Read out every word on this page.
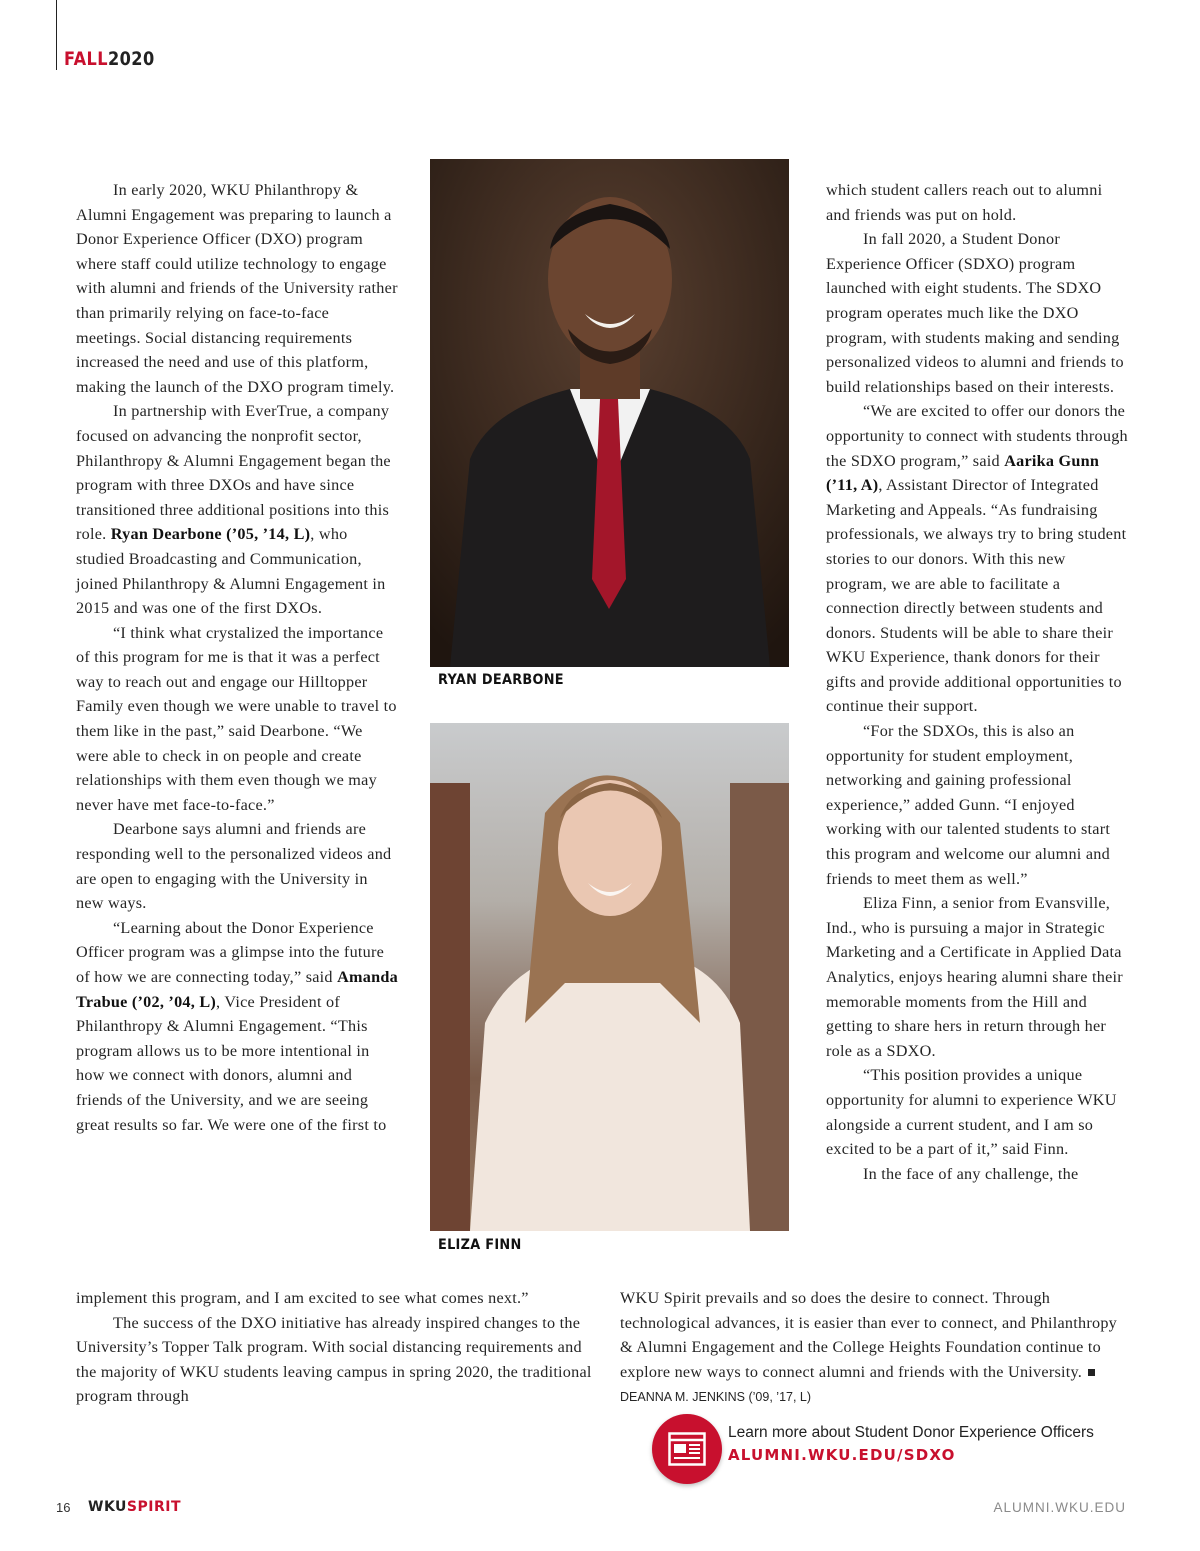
FALL2020

In early 2020, WKU Philanthropy & Alumni Engagement was preparing to launch a Donor Experience Officer (DXO) program where staff could utilize technology to engage with alumni and friends of the University rather than primarily relying on face-to-face meetings. Social distancing requirements increased the need and use of this platform, making the launch of the DXO program timely.

In partnership with EverTrue, a company focused on advancing the nonprofit sector, Philanthropy & Alumni Engagement began the program with three DXOs and have since transitioned three additional positions into this role. Ryan Dearbone (’05, ’14, L), who studied Broadcasting and Communication, joined Philanthropy & Alumni Engagement in 2015 and was one of the first DXOs.

“I think what crystalized the importance of this program for me is that it was a perfect way to reach out and engage our Hilltopper Family even though we were unable to travel to them like in the past,” said Dearbone. “We were able to check in on people and create relationships with them even though we may never have met face-to-face.”

Dearbone says alumni and friends are responding well to the personalized videos and are open to engaging with the University in new ways.

“Learning about the Donor Experience Officer program was a glimpse into the future of how we are connecting today,” said Amanda Trabue (’02, ’04, L), Vice President of Philanthropy & Alumni Engagement. “This program allows us to be more intentional in how we connect with donors, alumni and friends of the University, and we are seeing great results so far. We were one of the first to

RYAN DEARBONE
ELIZA FINN

which student callers reach out to alumni and friends was put on hold.

In fall 2020, a Student Donor Experience Officer (SDXO) program launched with eight students. The SDXO program operates much like the DXO program, with students making and sending personalized videos to alumni and friends to build relationships based on their interests.

“We are excited to offer our donors the opportunity to connect with students through the SDXO program,” said Aarika Gunn (’11, A), Assistant Director of Integrated Marketing and Appeals. “As fundraising professionals, we always try to bring student stories to our donors. With this new program, we are able to facilitate a connection directly between students and donors. Students will be able to share their WKU Experience, thank donors for their gifts and provide additional opportunities to continue their support.

“For the SDXOs, this is also an opportunity for student employment, networking and gaining professional experience,” added Gunn. “I enjoyed working with our talented students to start this program and welcome our alumni and friends to meet them as well.”

Eliza Finn, a senior from Evansville, Ind., who is pursuing a major in Strategic Marketing and a Certificate in Applied Data Analytics, enjoys hearing alumni share their memorable moments from the Hill and getting to share hers in return through her role as a SDXO.

“This position provides a unique opportunity for alumni to experience WKU alongside a current student, and I am so excited to be a part of it,” said Finn.

In the face of any challenge, the

implement this program, and I am excited to see what comes next.”

The success of the DXO initiative has already inspired changes to the University’s Topper Talk program. With social distancing requirements and the majority of WKU students leaving campus in spring 2020, the traditional program through

WKU Spirit prevails and so does the desire to connect. Through technological advances, it is easier than ever to connect, and Philanthropy & Alumni Engagement and the College Heights Foundation continue to explore new ways to connect alumni and friends with the University. DEANNA M. JENKINS (’09, ’17, L)

Learn more about Student Donor Experience Officers
ALUMNI.WKU.EDU/SDXO
16 WKUSPIRIT	ALUMNI.WKU.EDU
